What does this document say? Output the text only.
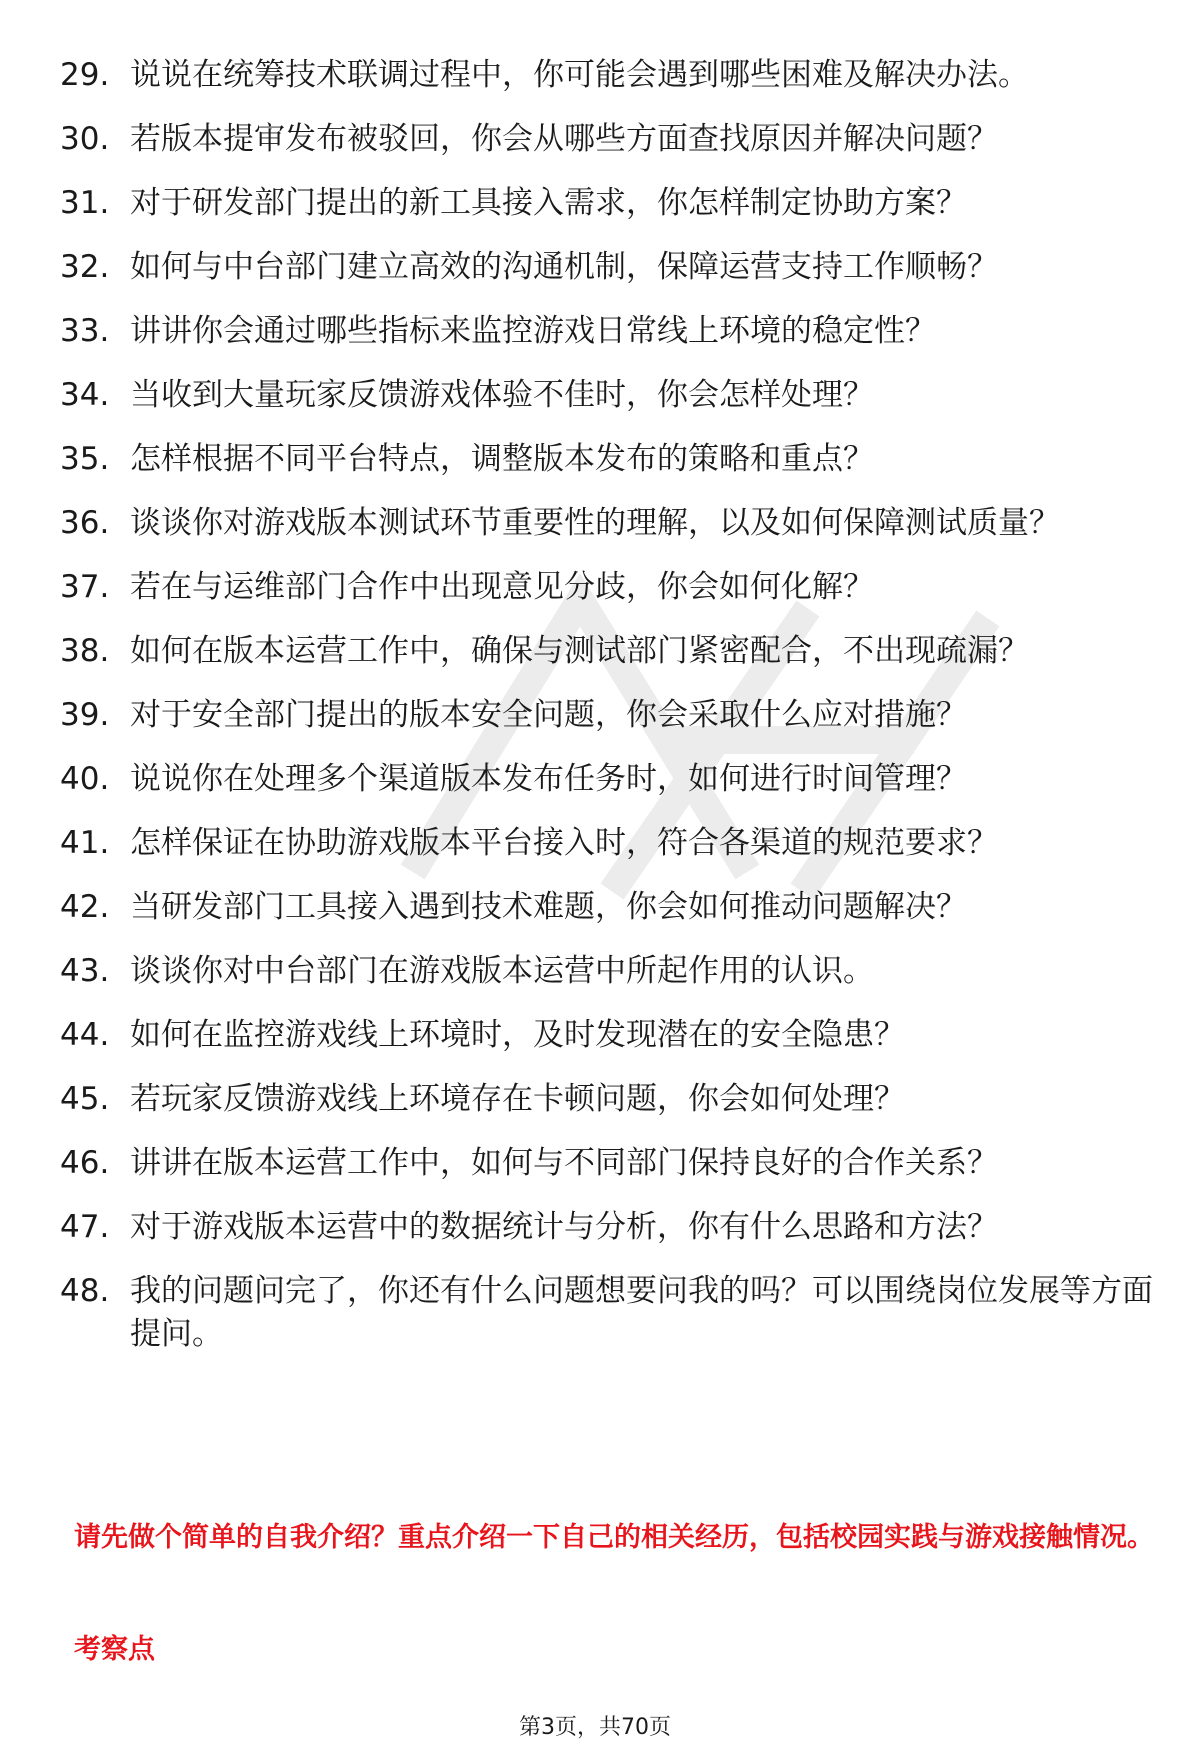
29. 说说在统筹技术联调过程中，你可能会遇到哪些困难及解决办法。
30. 若版本提审发布被驳回，你会从哪些方面查找原因并解决问题？
31. 对于研发部门提出的新工具接入需求，你怎样制定协助方案？
32. 如何与中台部门建立高效的沟通机制，保障运营支持工作顺畅？
33. 讲讲你会通过哪些指标来监控游戏日常线上环境的稳定性？
34. 当收到大量玩家反馈游戏体验不佳时，你会怎样处理？
35. 怎样根据不同平台特点，调整版本发布的策略和重点？
36. 谈谈你对游戏版本测试环节重要性的理解，以及如何保障测试质量？
37. 若在与运维部门合作中出现意见分歧，你会如何化解？
38. 如何在版本运营工作中，确保与测试部门紧密配合，不出现疏漏？
39. 对于安全部门提出的版本安全问题，你会采取什么应对措施？
40. 说说你在处理多个渠道版本发布任务时，如何进行时间管理？
41. 怎样保证在协助游戏版本平台接入时，符合各渠道的规范要求？
42. 当研发部门工具接入遇到技术难题，你会如何推动问题解决？
43. 谈谈你对中台部门在游戏版本运营中所起作用的认识。
44. 如何在监控游戏线上环境时，及时发现潜在的安全隐患？
45. 若玩家反馈游戏线上环境存在卡顿问题，你会如何处理？
46. 讲讲在版本运营工作中，如何与不同部门保持良好的合作关系？
47. 对于游戏版本运营中的数据统计与分析，你有什么思路和方法？
48. 我的问题问完了，你还有什么问题想要问我的吗？可以围绕岗位发展等方面提问。
请先做个简单的自我介绍？重点介绍一下自己的相关经历，包括校园实践与游戏接触情况。
考察点
第3页，共70页
